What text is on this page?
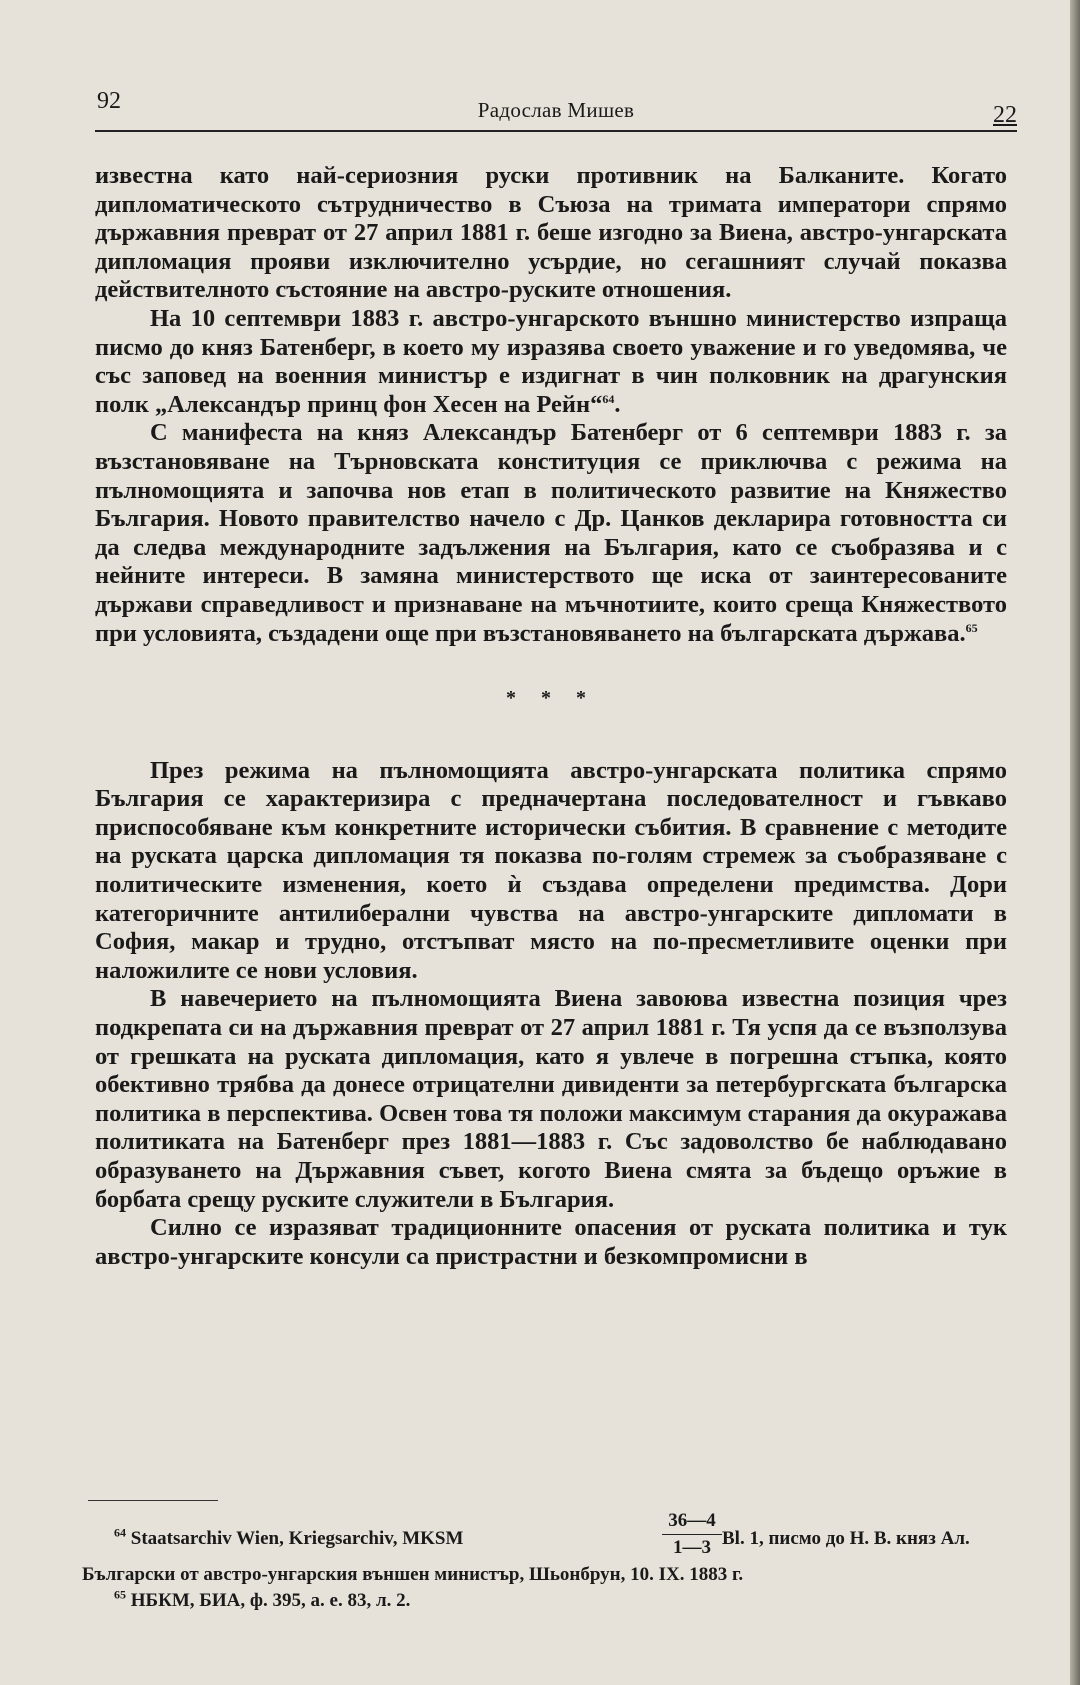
92	Радослав Мишев	22

известна като най-сериозния руски противник на Балканите. Когато дипломатическото сътрудничество в Съюза на тримата императори спрямо държавния преврат от 27 април 1881 г. беше изгодно за Виена, австро-унгарската дипломация прояви изключително усърдие, но сегашният случай показва действителното състояние на австро-руските отношения.

На 10 септември 1883 г. австро-унгарското външно министерство изпраща писмо до княз Батенберг, в което му изразява своето уважение и го уведомява, че със заповед на военния министър е издигнат в чин полковник на драгунския полк „Александър принц фон Хесен на Рейн“$^{64}$.

С манифеста на княз Александър Батенберг от 6 септември 1883 г. за възстановяване на Търновската конституция се приключва с режима на пълномощията и започва нов етап в политическото развитие на Княжество България. Новото правителство начело с Др. Цанков декларира готовността си да следва международните задължения на България, като се съобразява и с нейните интереси. В замяна министерството ще иска от заинтересованите държави справедливост и признаване на мъчнотиите, които среща Княжеството при условията, създадени още при възстановяването на българската държава.$^{65}$

* * *

През режима на пълномощията австро-унгарската политика спрямо България се характеризира с предначертана последователност и гъвкаво приспособяване към конкретните исторически събития. В сравнение с методите на руската царска дипломация тя показва по-голям стремеж за съобразяване с политическите изменения, което ѝ създава определени предимства. Дори категоричните антилиберални чувства на австро-унгарските дипломати в София, макар и трудно, отстъпват място на по-пресметливите оценки при наложилите се нови условия.

В навечерието на пълномощията Виена завоюва известна позиция чрез подкрепата си на държавния преврат от 27 април 1881 г. Тя успя да се възползува от грешката на руската дипломация, като я увлече в погрешна стъпка, която обективно трябва да донесе отрицателни дивиденти за петербургската българска политика в перспектива. Освен това тя положи максимум старания да окуражава политиката на Батенберг през 1881—1883 г. Със задоволство бе наблюдавано образуването на Държавния съвет, когото Виена смята за бъдещо оръжие в борбата срещу руските служители в България.

Силно се изразяват традиционните опасения от руската политика и тук австро-унгарските консули са пристрастни и безкомпромисни в

$^{64}$ Staatsarchiv Wien, Kriegsarchiv, MKSM	$\frac{36—4}{1—3} Bl$. 1, писмо до Н. В. княз Ал.

Български от австро-унгарския външен министър, Шьонбрун, 10. IX. 1883 г.

$^{65}$ НБКМ, БИА, ф. 395, а. е. 83, л. 2.
